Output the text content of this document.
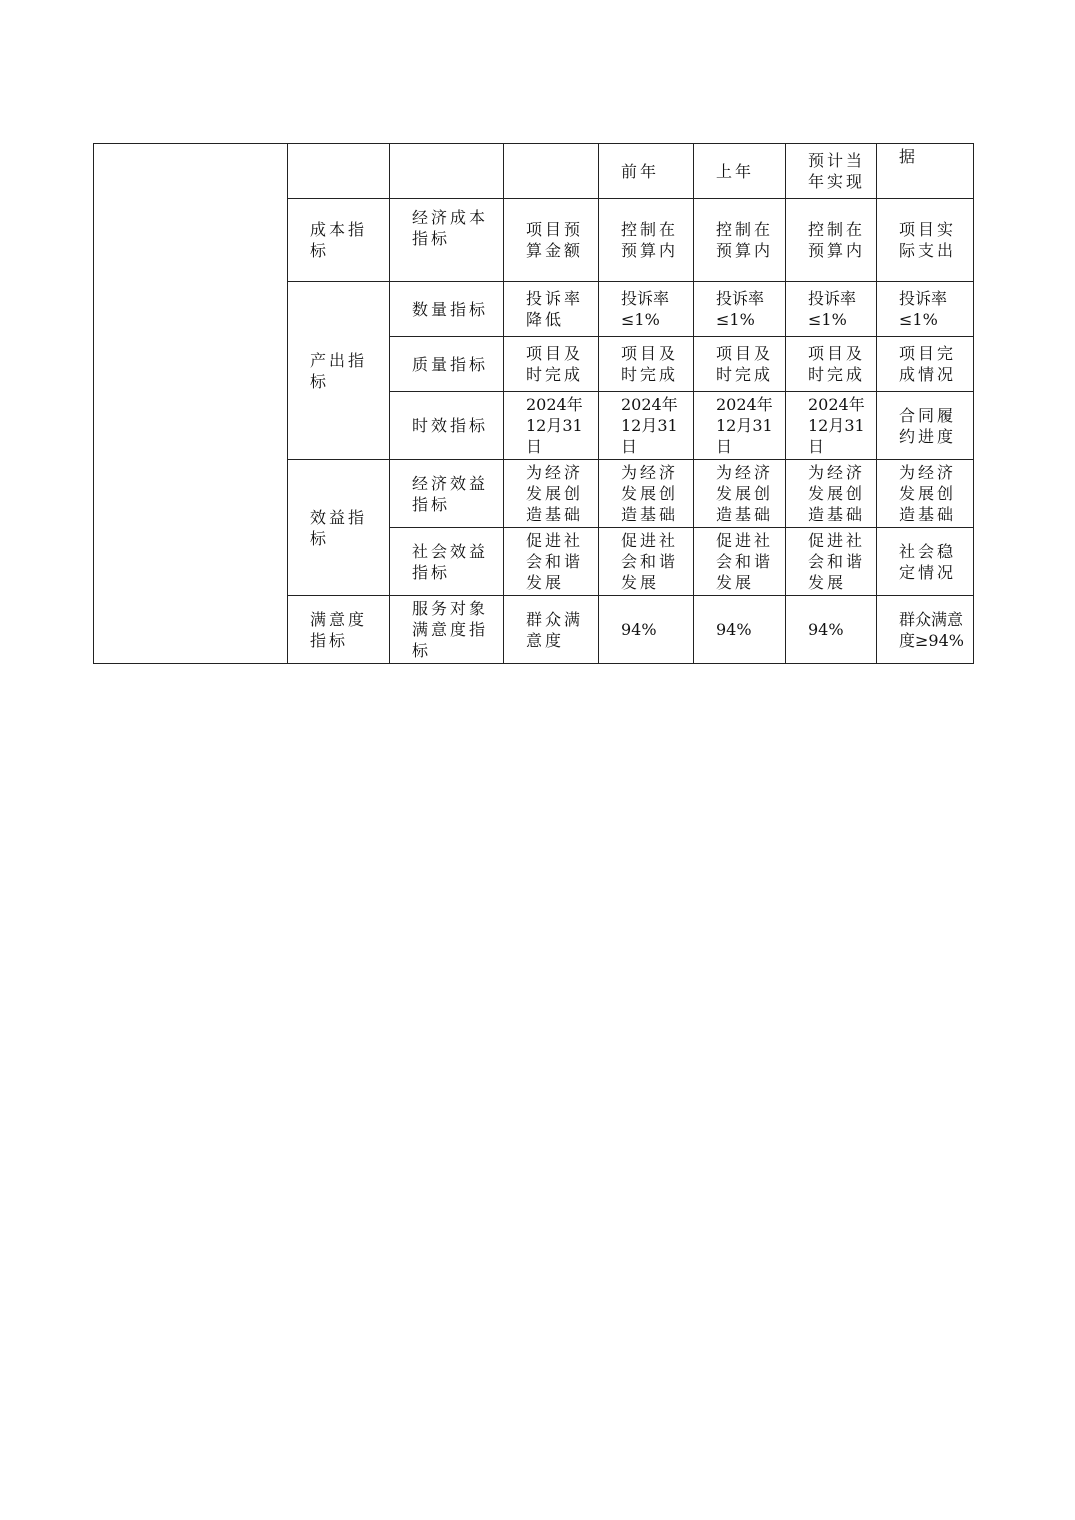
				前年	上年	预计当年实现	据
	成本指标	经济成本指标	项目预算金额	控制在预算内	控制在预算内	控制在预算内	项目实际支出
	产出指标	数量指标	投诉率降低	投诉率≤1%	投诉率≤1%	投诉率≤1%	投诉率≤1%
		质量指标	项目及时完成	项目及时完成	项目及时完成	项目及时完成	项目完成情况
		时效指标	2024年12月31日	2024年12月31日	2024年12月31日	2024年12月31日	合同履约进度
	效益指标	经济效益指标	为经济发展创造基础	为经济发展创造基础	为经济发展创造基础	为经济发展创造基础	为经济发展创造基础
		社会效益指标	促进社会和谐发展	促进社会和谐发展	促进社会和谐发展	促进社会和谐发展	社会稳定情况
	满意度指标	服务对象满意度指标	群众满意度	94%	94%	94%	群众满意度≥94%
